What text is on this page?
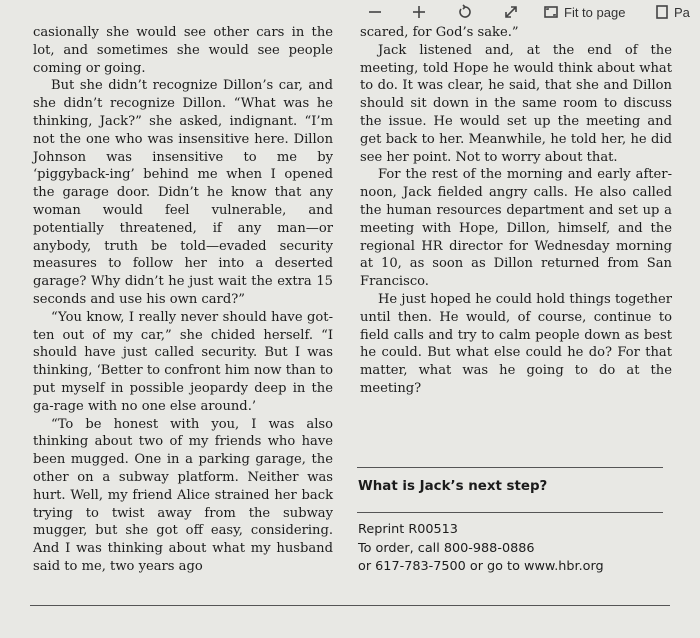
Fit to page	Pa

casionally she would see other cars in the lot, and sometimes she would see people coming or going.

But she didn’t recognize Dillon’s car, and she didn’t recognize Dillon. “What was he thinking, Jack?” she asked, indignant. “I’m not the one who was insensitive here. Dillon Johnson was insensitive to me by ‘piggyback-ing’ behind me when I opened the garage door. Didn’t he know that any woman would feel vulnerable, and potentially threatened, if any man—or anybody, truth be told—evaded security measures to follow her into a deserted garage? Why didn’t he just wait the extra 15 seconds and use his own card?”

“You know, I really never should have got-ten out of my car,” she chided herself. “I should have just called security. But I was thinking, ‘Better to confront him now than to put myself in possible jeopardy deep in the ga-rage with no one else around.’

“To be honest with you, I was also thinking about two of my friends who have been mugged. One in a parking garage, the other on a subway platform. Neither was hurt. Well, my friend Alice strained her back trying to twist away from the subway mugger, but she got off easy, considering. And I was thinking about what my husband said to me, two years ago

scared, for God’s sake.”

Jack listened and, at the end of the meeting, told Hope he would think about what to do. It was clear, he said, that she and Dillon should sit down in the same room to discuss the issue. He would set up the meeting and get back to her. Meanwhile, he told her, he did see her point. Not to worry about that.

For the rest of the morning and early after-noon, Jack fielded angry calls. He also called the human resources department and set up a meeting with Hope, Dillon, himself, and the regional HR director for Wednesday morning at 10, as soon as Dillon returned from San Francisco.

He just hoped he could hold things together until then. He would, of course, continue to field calls and try to calm people down as best he could. But what else could he do? For that matter, what was he going to do at the meeting?

What is Jack’s next step?
Reprint R00513
To order, call 800-988-0886
or 617-783-7500 or go to www.hbr.org
